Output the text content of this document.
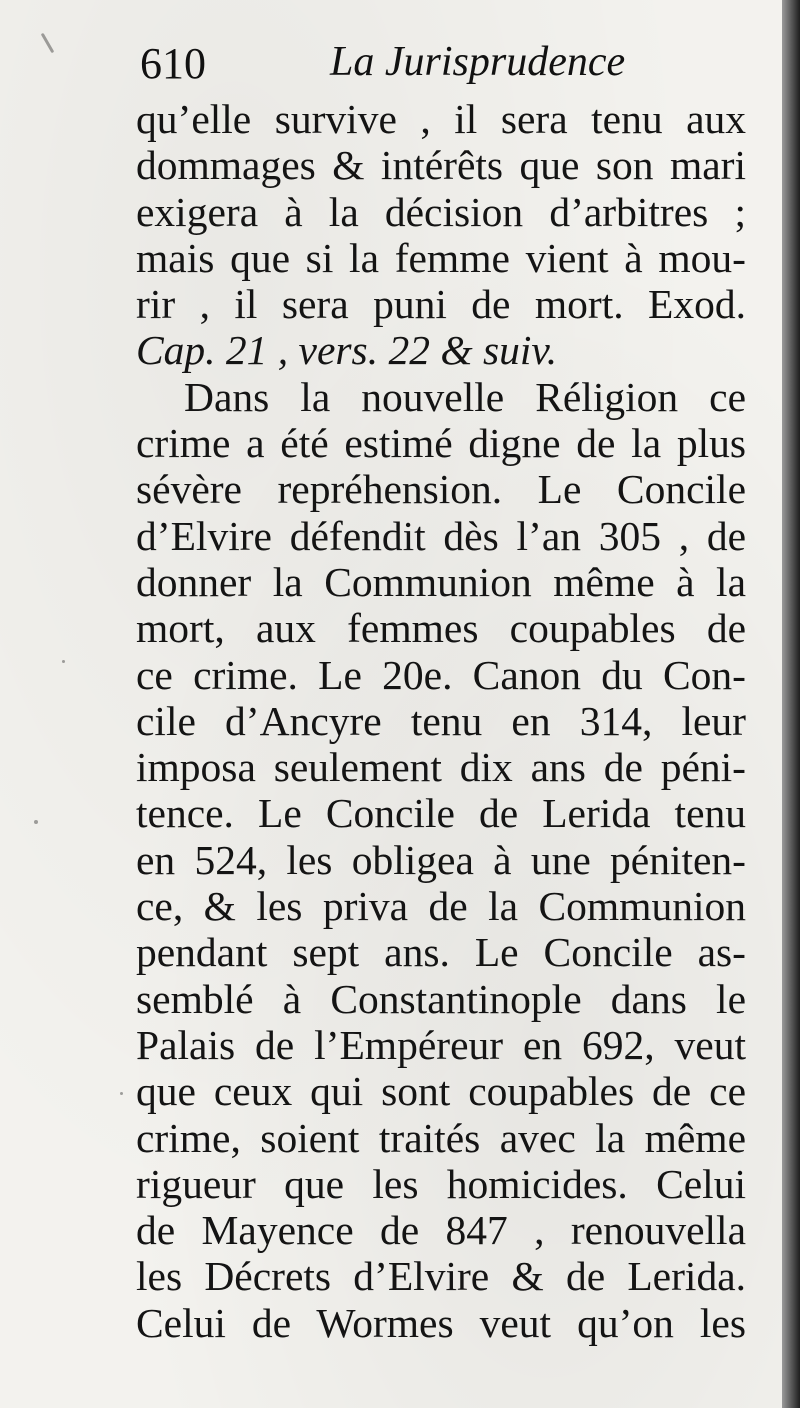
610	La Jurisprudence
qu’elle survive , il sera tenu aux
dommages & intérêts que son mari
exigera à la décision d’arbitres ;
mais que si la femme vient à mou-
rir , il sera puni de mort. Exod.
Cap. 21 , vers. 22 & suiv.
Dans la nouvelle Réligion ce
crime a été estimé digne de la plus
sévère repréhension. Le Concile
d’Elvire défendit dès l’an 305 , de
donner la Communion même à la
mort, aux femmes coupables de
ce crime. Le 20e. Canon du Con-
cile d’Ancyre tenu en 314, leur
imposa seulement dix ans de péni-
tence. Le Concile de Lerida tenu
en 524, les obligea à une péniten-
ce, & les priva de la Communion
pendant sept ans. Le Concile as-
semblé à Constantinople dans le
Palais de l’Empéreur en 692, veut
que ceux qui sont coupables de ce
crime, soient traités avec la même
rigueur que les homicides. Celui
de Mayence de 847 , renouvella
les Décrets d’Elvire & de Lerida.
Celui de Wormes veut qu’on les
